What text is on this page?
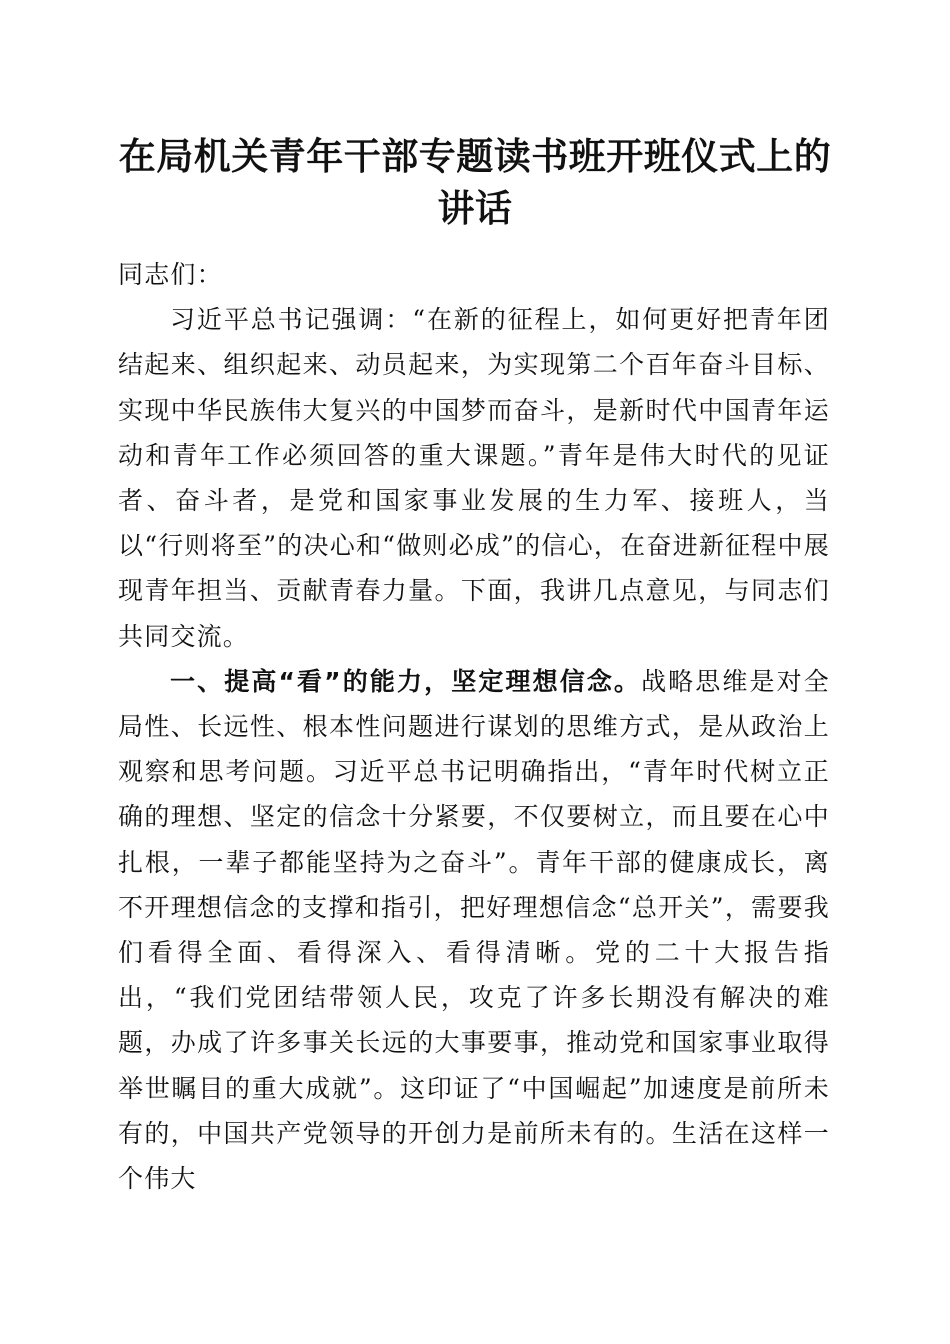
在局机关青年干部专题读书班开班仪式上的讲话

同志们：

习近平总书记强调：“在新的征程上，如何更好把青年团结起来、组织起来、动员起来，为实现第二个百年奋斗目标、实现中华民族伟大复兴的中国梦而奋斗，是新时代中国青年运动和青年工作必须回答的重大课题。”青年是伟大时代的见证者、奋斗者，是党和国家事业发展的生力军、接班人，当以“行则将至”的决心和“做则必成”的信心，在奋进新征程中展现青年担当、贡献青春力量。下面，我讲几点意见，与同志们共同交流。

一、提高“看”的能力，坚定理想信念。战略思维是对全局性、长远性、根本性问题进行谋划的思维方式，是从政治上观察和思考问题。习近平总书记明确指出，“青年时代树立正确的理想、坚定的信念十分紧要，不仅要树立，而且要在心中扎根，一辈子都能坚持为之奋斗”。青年干部的健康成长，离不开理想信念的支撑和指引，把好理想信念“总开关”，需要我们看得全面、看得深入、看得清晰。党的二十大报告指出，“我们党团结带领人民，攻克了许多长期没有解决的难题，办成了许多事关长远的大事要事，推动党和国家事业取得举世瞩目的重大成就”。这印证了“中国崛起”加速度是前所未有的，中国共产党领导的开创力是前所未有的。生活在这样一个伟大
